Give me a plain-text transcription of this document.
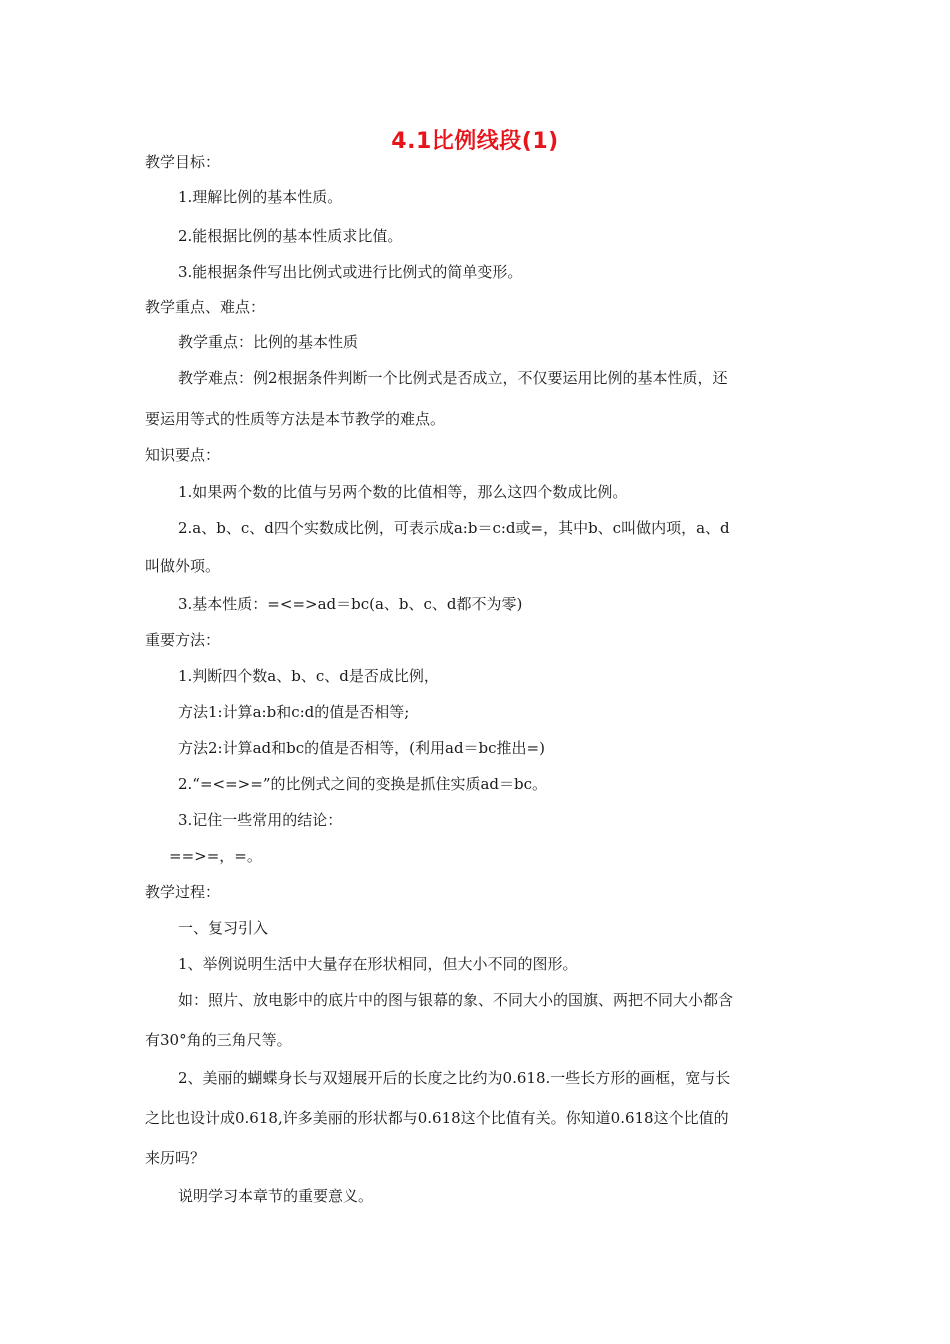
4.1比例线段(1)
教学目标：
1.理解比例的基本性质。
2.能根据比例的基本性质求比值。
3.能根据条件写出比例式或进行比例式的简单变形。
教学重点、难点：
教学重点：比例的基本性质
教学难点：例2根据条件判断一个比例式是否成立，不仅要运用比例的基本性质，还
要运用等式的性质等方法是本节教学的难点。
知识要点：
1.如果两个数的比值与另两个数的比值相等，那么这四个数成比例。
2.a、b、c、d四个实数成比例，可表示成a:b＝c:d或=，其中b、c叫做内项，a、d
叫做外项。
3.基本性质：=<=>ad＝bc(a、b、c、d都不为零)
重要方法：
1.判断四个数a、b、c、d是否成比例，
方法1:计算a:b和c:d的值是否相等;
方法2:计算ad和bc的值是否相等，(利用ad＝bc推出=)
2.“=<=>=”的比例式之间的变换是抓住实质ad＝bc。
3.记住一些常用的结论：
==>=，=。
教学过程：
一、复习引入
1、举例说明生活中大量存在形状相同，但大小不同的图形。
如：照片、放电影中的底片中的图与银幕的象、不同大小的国旗、两把不同大小都含
有30°角的三角尺等。
2、美丽的蝴蝶身长与双翅展开后的长度之比约为0.618.一些长方形的画框，宽与长
之比也设计成0.618,许多美丽的形状都与0.618这个比值有关。你知道0.618这个比值的
来历吗？
说明学习本章节的重要意义。
